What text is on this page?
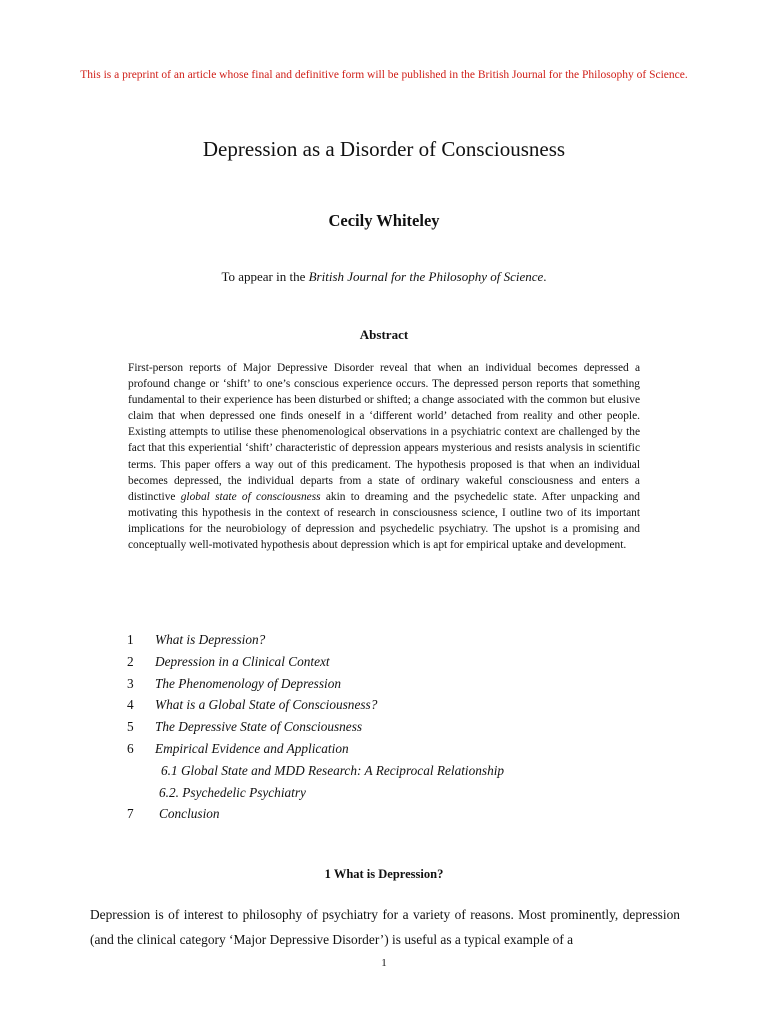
This is a preprint of an article whose final and definitive form will be published in the British Journal for the Philosophy of Science.
Depression as a Disorder of Consciousness
Cecily Whiteley
To appear in the British Journal for the Philosophy of Science.
Abstract
First-person reports of Major Depressive Disorder reveal that when an individual becomes depressed a profound change or ‘shift’ to one’s conscious experience occurs. The depressed person reports that something fundamental to their experience has been disturbed or shifted; a change associated with the common but elusive claim that when depressed one finds oneself in a ‘different world’ detached from reality and other people. Existing attempts to utilise these phenomenological observations in a psychiatric context are challenged by the fact that this experiential ‘shift’ characteristic of depression appears mysterious and resists analysis in scientific terms. This paper offers a way out of this predicament. The hypothesis proposed is that when an individual becomes depressed, the individual departs from a state of ordinary wakeful consciousness and enters a distinctive global state of consciousness akin to dreaming and the psychedelic state. After unpacking and motivating this hypothesis in the context of research in consciousness science, I outline two of its important implications for the neurobiology of depression and psychedelic psychiatry. The upshot is a promising and conceptually well-motivated hypothesis about depression which is apt for empirical uptake and development.
1 What is Depression?
2 Depression in a Clinical Context
3 The Phenomenology of Depression
4 What is a Global State of Consciousness?
5 The Depressive State of Consciousness
6 Empirical Evidence and Application
6.1 Global State and MDD Research: A Reciprocal Relationship
6.2. Psychedelic Psychiatry
7 Conclusion
1 What is Depression?
Depression is of interest to philosophy of psychiatry for a variety of reasons. Most prominently, depression (and the clinical category ‘Major Depressive Disorder’) is useful as a typical example of a
1
